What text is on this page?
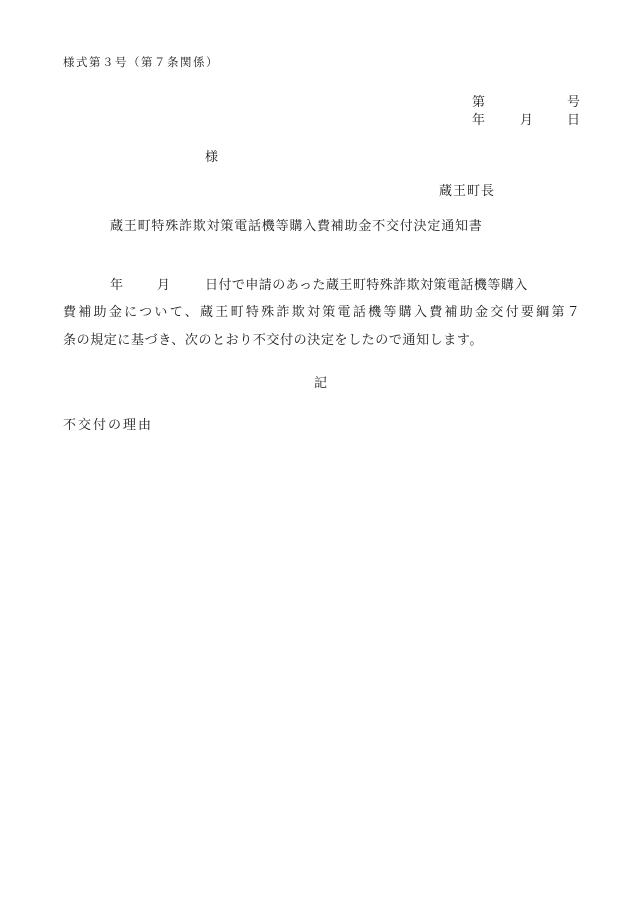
様式第３号（第７条関係）
第	号
年	月	日
様
蔵王町長
蔵王町特殊詐欺対策電話機等購入費補助金不交付決定通知書
年	月	日付で申請のあった蔵王町特殊詐欺対策電話機等購入
費補助金について、蔵王町特殊詐欺対策電話機等購入費補助金交付要綱第７
条の規定に基づき、次のとおり不交付の決定をしたので通知します。
記
不交付の理由
